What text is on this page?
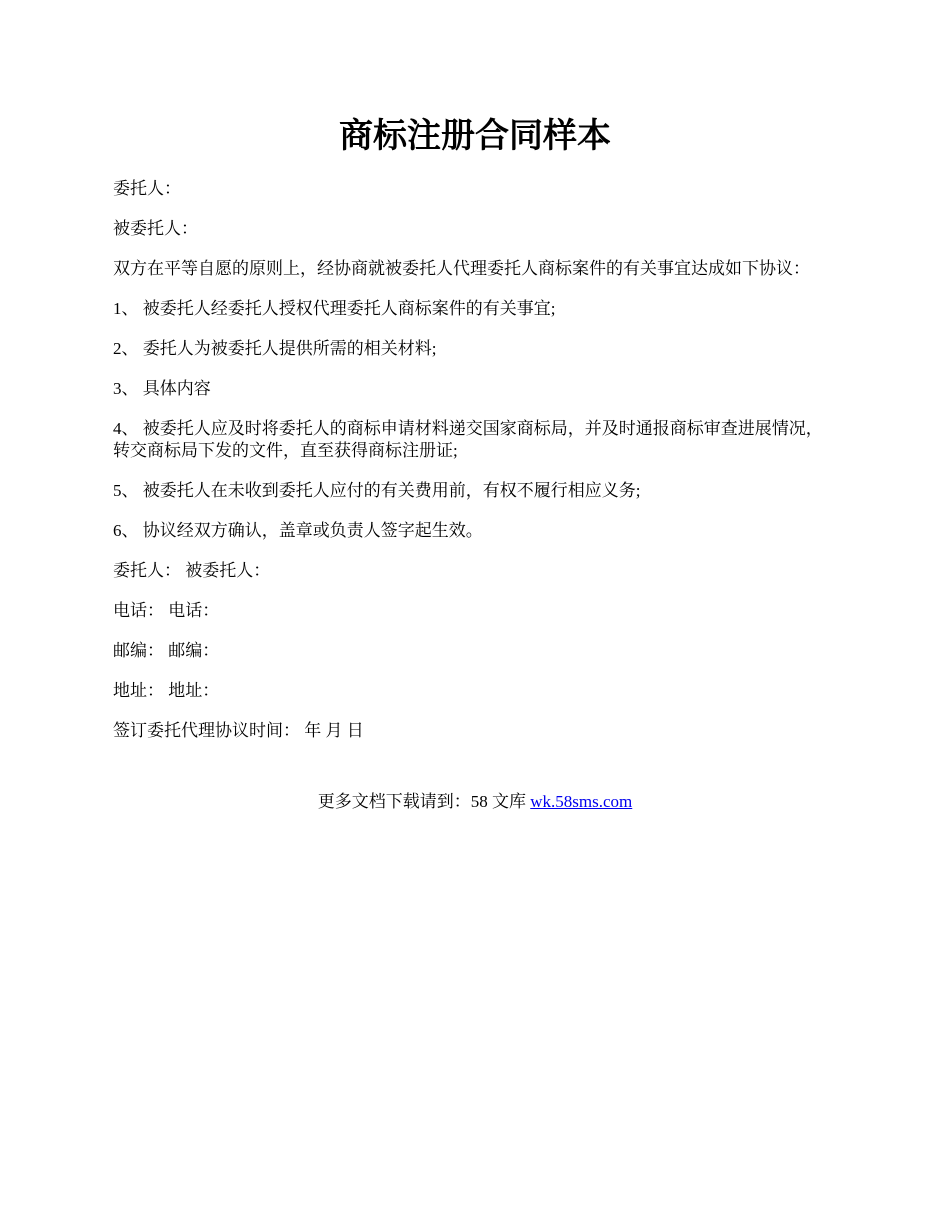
商标注册合同样本

委托人：

被委托人：

双方在平等自愿的原则上，经协商就被委托人代理委托人商标案件的有关事宜达成如下协议：

1、 被委托人经委托人授权代理委托人商标案件的有关事宜;

2、 委托人为被委托人提供所需的相关材料;

3、 具体内容

4、 被委托人应及时将委托人的商标申请材料递交国家商标局，并及时通报商标审查进展情况，转交商标局下发的文件，直至获得商标注册证;

5、 被委托人在未收到委托人应付的有关费用前，有权不履行相应义务;

6、 协议经双方确认，盖章或负责人签字起生效。

委托人： 被委托人：

电话： 电话：

邮编： 邮编：

地址： 地址：

签订委托代理协议时间： 年 月 日

更多文档下载请到：58 文库 wk.58sms.com
